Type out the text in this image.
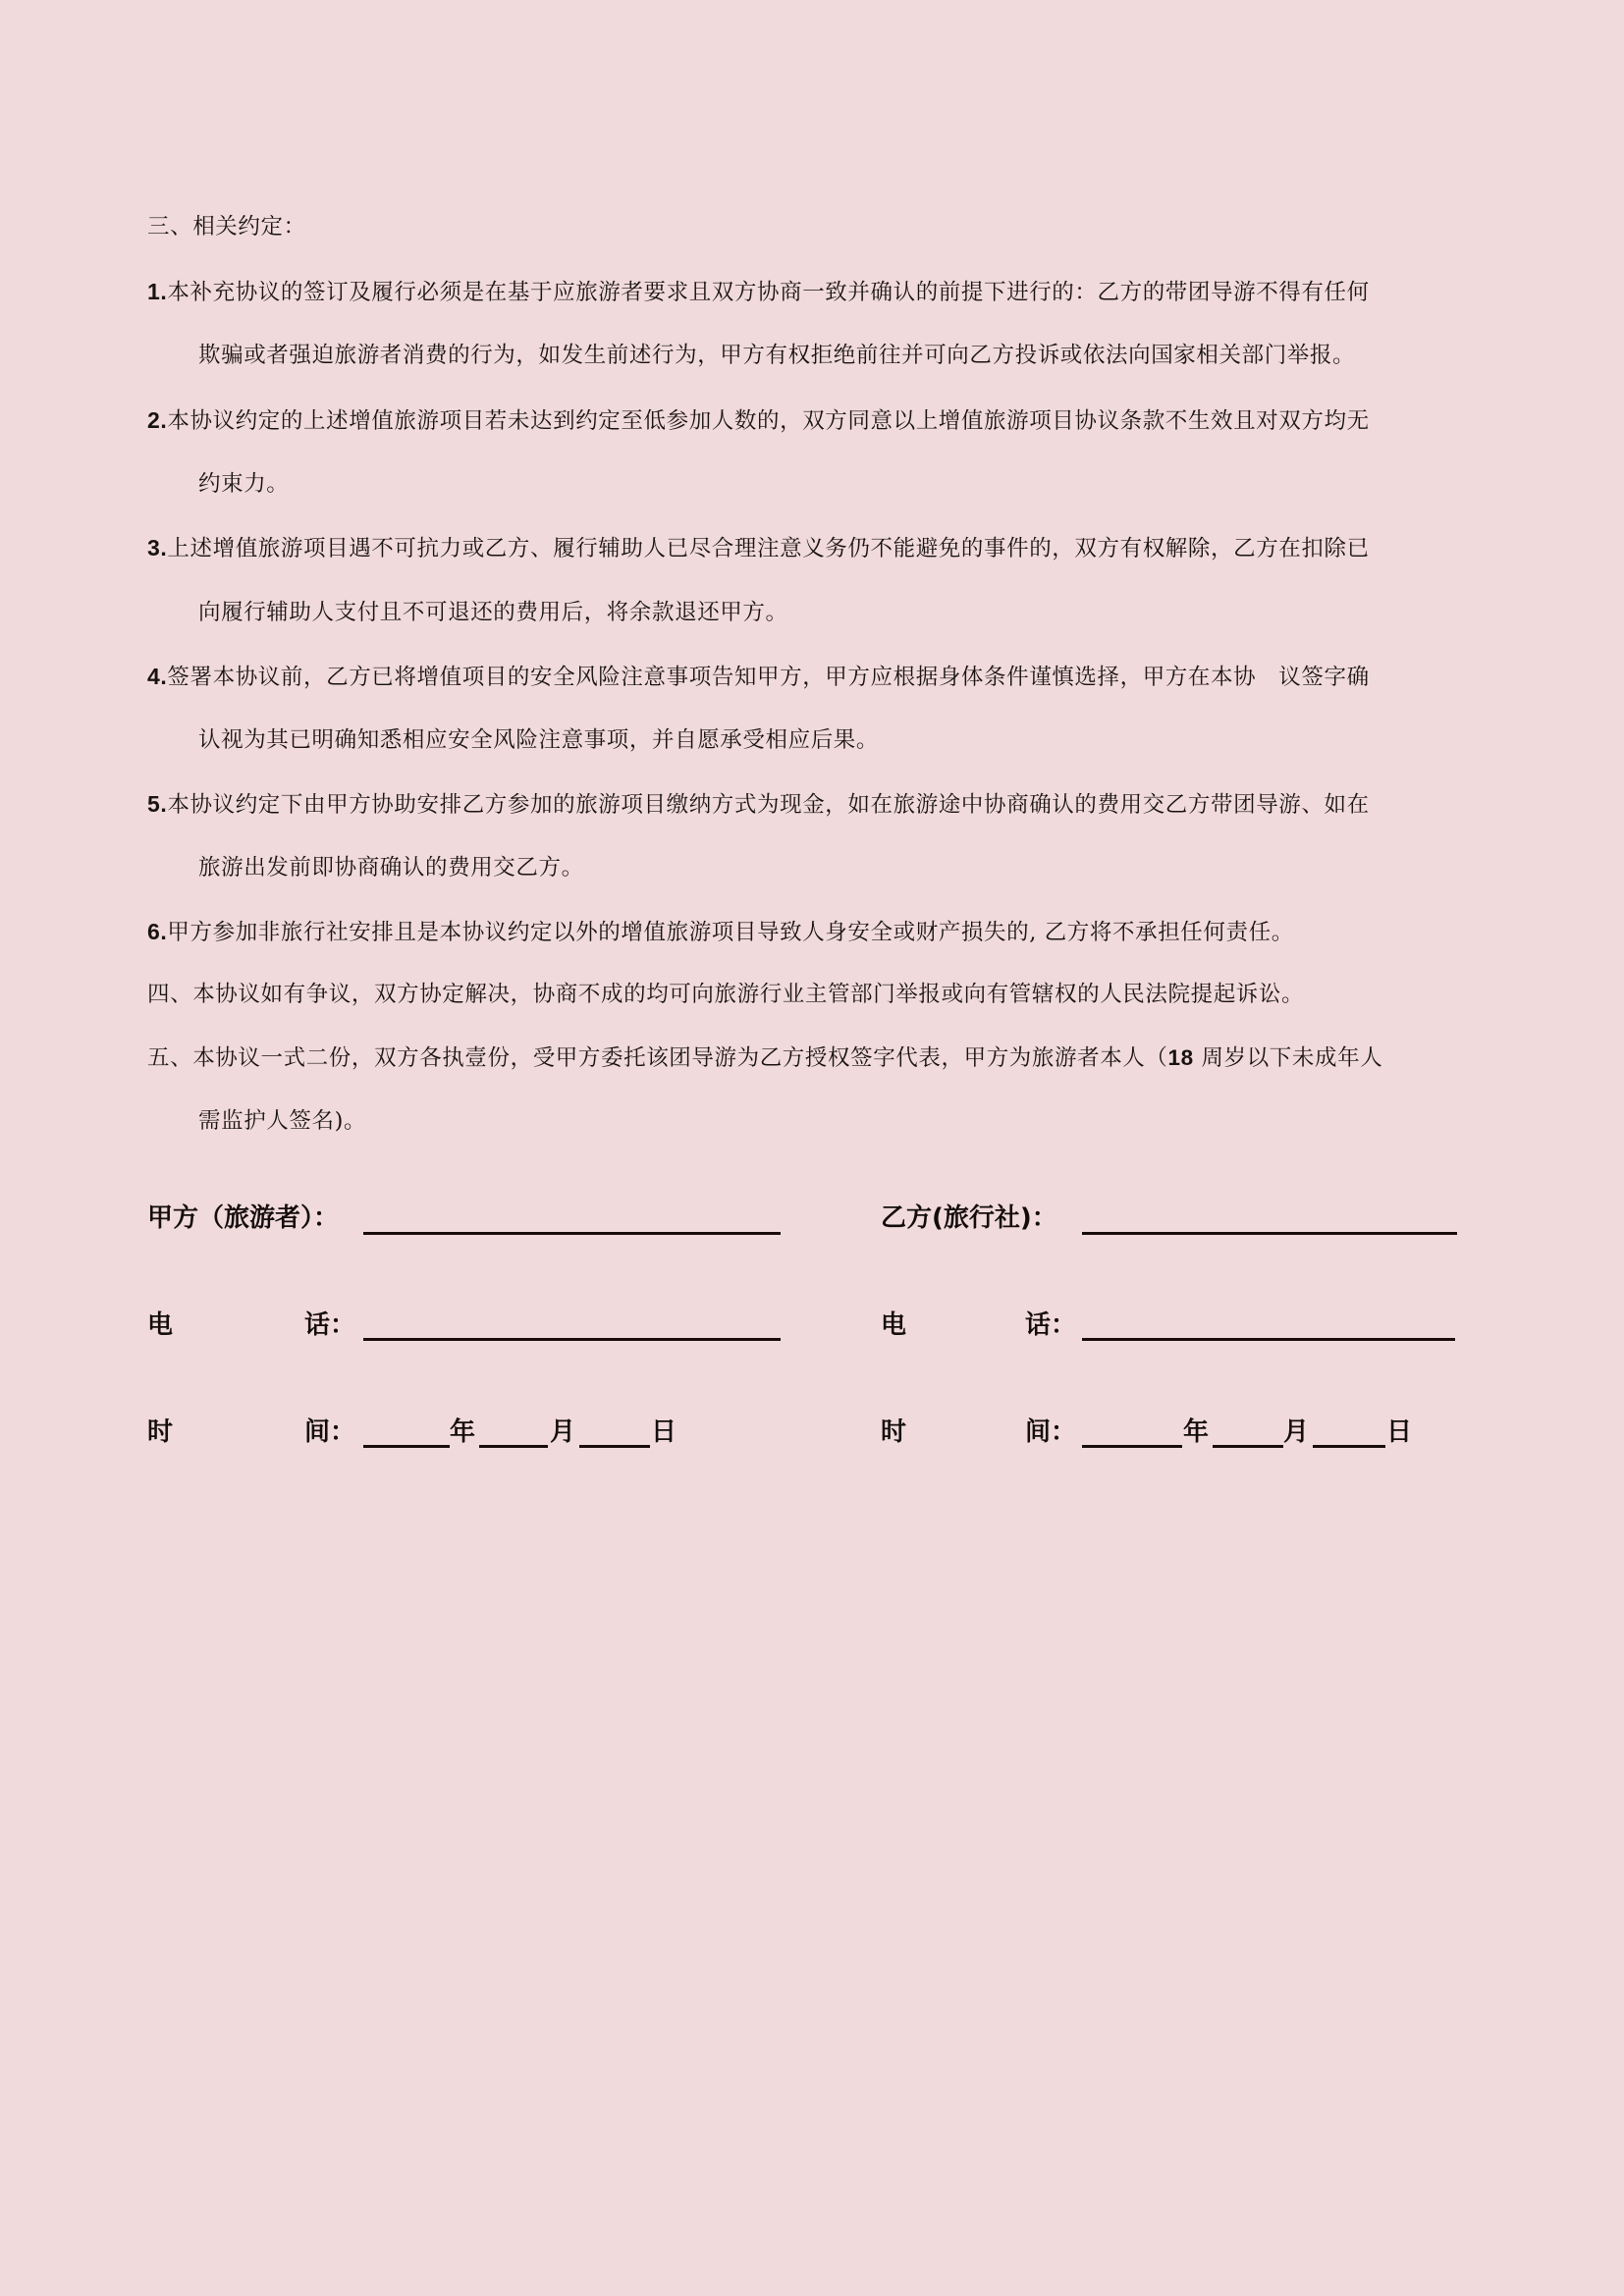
三、相关约定：
1.本补充协议的签订及履行必须是在基于应旅游者要求且双方协商一致并确认的前提下进行的：乙方的带团导游不得有任何
欺骗或者强迫旅游者消费的行为，如发生前述行为，甲方有权拒绝前往并可向乙方投诉或依法向国家相关部门举报。
2.本协议约定的上述增值旅游项目若未达到约定至低参加人数的，双方同意以上增值旅游项目协议条款不生效且对双方均无
约束力。
3.上述增值旅游项目遇不可抗力或乙方、履行辅助人已尽合理注意义务仍不能避免的事件的，双方有权解除，乙方在扣除已
向履行辅助人支付且不可退还的费用后，将余款退还甲方。
4.签署本协议前，乙方已将增值项目的安全风险注意事项告知甲方，甲方应根据身体条件谨慎选择，甲方在本协　议签字确
认视为其已明确知悉相应安全风险注意事项，并自愿承受相应后果。
5.本协议约定下由甲方协助安排乙方参加的旅游项目缴纳方式为现金，如在旅游途中协商确认的费用交乙方带团导游、如在
旅游出发前即协商确认的费用交乙方。
6.甲方参加非旅行社安排且是本协议约定以外的增值旅游项目导致人身安全或财产损失的, 乙方将不承担任何责任。
四、本协议如有争议，双方协定解决，协商不成的均可向旅游行业主管部门举报或向有管辖权的人民法院提起诉讼。
五、本协议一式二份，双方各执壹份，受甲方委托该团导游为乙方授权签字代表，甲方为旅游者本人（18 周岁以下未成年人
需监护人签名)。
甲方（旅游者）：
电	话：
时	间：	年	月	日
乙方(旅行社)：
电	话：
时	间：	年	月	日
